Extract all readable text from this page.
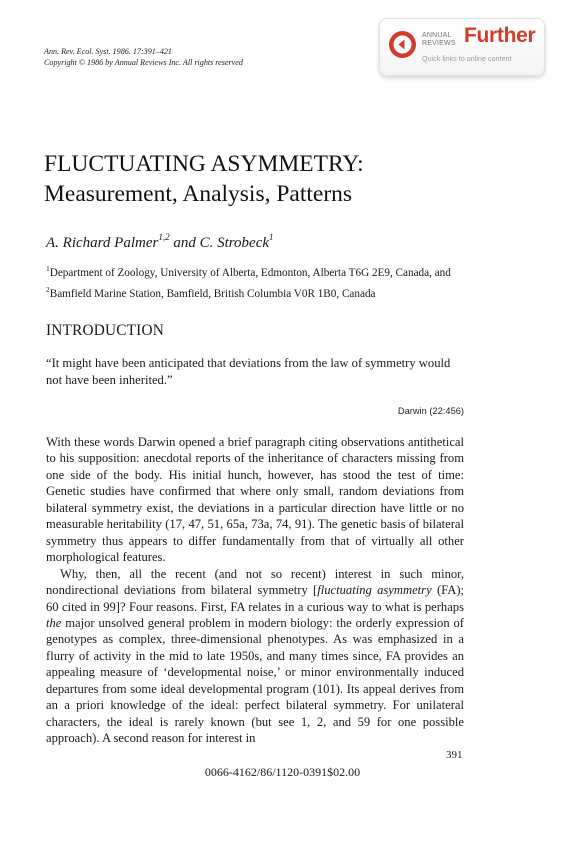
Ann. Rev. Ecol. Syst. 1986. 17:391–421
Copyright © 1986 by Annual Reviews Inc. All rights reserved
ANNUAL
REVIEWS Further
Quick links to online content
FLUCTUATING ASYMMETRY:
Measurement, Analysis, Patterns
A. Richard Palmer$^{1,2}$ and C. Strobeck$^1$
$^1$Department of Zoology, University of Alberta, Edmonton, Alberta T6G 2E9, Canada, and $^2$Bamfield Marine Station, Bamfield, British Columbia V0R 1B0, Canada
INTRODUCTION
“It might have been anticipated that deviations from the law of symmetry would not have been inherited.”
Darwin (22:456)

With these words Darwin opened a brief paragraph citing observations antithetical to his supposition: anecdotal reports of the inheritance of characters missing from one side of the body. His initial hunch, however, has stood the test of time: Genetic studies have confirmed that where only small, random deviations from bilateral symmetry exist, the deviations in a particular direction have little or no measurable heritability (17, 47, 51, 65a, 73a, 74, 91). The genetic basis of bilateral symmetry thus appears to differ fundamentally from that of virtually all other morphological features.

Why, then, all the recent (and not so recent) interest in such minor, nondirectional deviations from bilateral symmetry [fluctuating asymmetry (FA); 60 cited in 99]? Four reasons. First, FA relates in a curious way to what is perhaps the major unsolved general problem in modern biology: the orderly expression of genotypes as complex, three-dimensional phenotypes. As was emphasized in a flurry of activity in the mid to late 1950s, and many times since, FA provides an appealing measure of ‘developmental noise,’ or minor environmentally induced departures from some ideal developmental program (101). Its appeal derives from an a priori knowledge of the ideal: perfect bilateral symmetry. For unilateral characters, the ideal is rarely known (but see 1, 2, and 59 for one possible approach). A second reason for interest in

391
0066-4162/86/1120-0391$02.00
